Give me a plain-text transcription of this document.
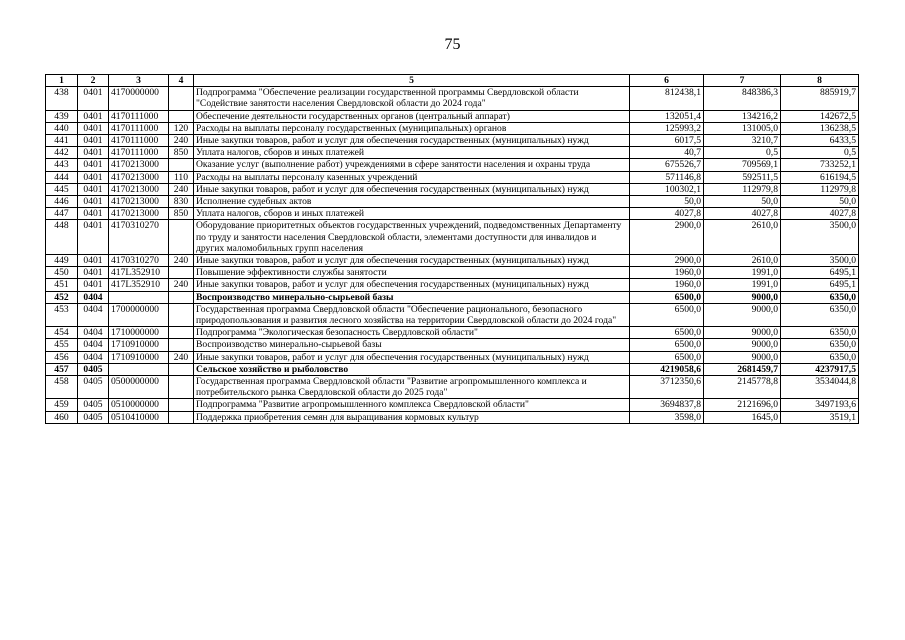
75
1	2	3	4	5	6	7	8
438	0401	4170000000		Подпрограмма "Обеспечение реализации государственной программы Свердловской области "Содействие занятости населения Свердловской области до 2024 года"	812438,1	848386,3	885919,7
439	0401	4170111000		Обеспечение деятельности государственных органов (центральный аппарат)	132051,4	134216,2	142672,5
440	0401	4170111000	120	Расходы на выплаты персоналу государственных (муниципальных) органов	125993,2	131005,0	136238,5
441	0401	4170111000	240	Иные закупки товаров, работ и услуг для обеспечения государственных (муниципальных) нужд	6017,5	3210,7	6433,5
442	0401	4170111000	850	Уплата налогов, сборов и иных платежей	40,7	0,5	0,5
443	0401	4170213000		Оказание услуг (выполнение работ) учреждениями в сфере занятости населения и охраны труда	675526,7	709569,1	733252,1
444	0401	4170213000	110	Расходы на выплаты персоналу казенных учреждений	571146,8	592511,5	616194,5
445	0401	4170213000	240	Иные закупки товаров, работ и услуг для обеспечения государственных (муниципальных) нужд	100302,1	112979,8	112979,8
446	0401	4170213000	830	Исполнение судебных актов	50,0	50,0	50,0
447	0401	4170213000	850	Уплата налогов, сборов и иных платежей	4027,8	4027,8	4027,8
448	0401	4170310270		Оборудование приоритетных объектов государственных учреждений, подведомственных Департаменту по труду и занятости населения Свердловской области, элементами доступности для инвалидов и других маломобильных групп населения	2900,0	2610,0	3500,0
449	0401	4170310270	240	Иные закупки товаров, работ и услуг для обеспечения государственных (муниципальных) нужд	2900,0	2610,0	3500,0
450	0401	417L352910		Повышение эффективности службы занятости	1960,0	1991,0	6495,1
451	0401	417L352910	240	Иные закупки товаров, работ и услуг для обеспечения государственных (муниципальных) нужд	1960,0	1991,0	6495,1
452	0404			Воспроизводство минерально-сырьевой базы	6500,0	9000,0	6350,0
453	0404	1700000000		Государственная программа Свердловской области "Обеспечение рационального, безопасного природопользования и развития лесного хозяйства на территории Свердловской области до 2024 года"	6500,0	9000,0	6350,0
454	0404	1710000000		Подпрограмма "Экологическая безопасность Свердловской области"	6500,0	9000,0	6350,0
455	0404	1710910000		Воспроизводство минерально-сырьевой базы	6500,0	9000,0	6350,0
456	0404	1710910000	240	Иные закупки товаров, работ и услуг для обеспечения государственных (муниципальных) нужд	6500,0	9000,0	6350,0
457	0405			Сельское хозяйство и рыболовство	4219058,6	2681459,7	4237917,5
458	0405	0500000000		Государственная программа Свердловской области "Развитие агропромышленного комплекса и потребительского рынка Свердловской области до 2025 года"	3712350,6	2145778,8	3534044,8
459	0405	0510000000		Подпрограмма "Развитие агропромышленного комплекса Свердловской области"	3694837,8	2121696,0	3497193,6
460	0405	0510410000		Поддержка приобретения семян для выращивания кормовых культур	3598,0	1645,0	3519,1
